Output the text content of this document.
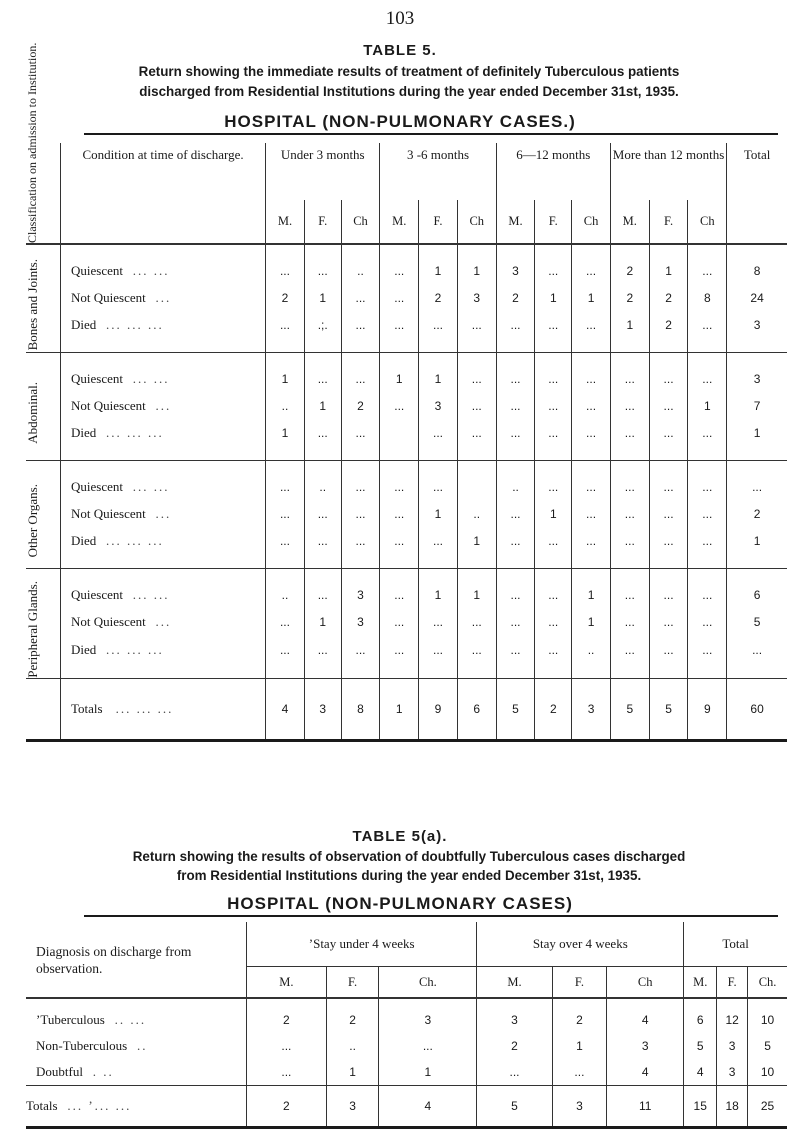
103
TABLE 5.
Return showing the immediate results of treatment of definitely Tuberculous patients
discharged from Residential Institutions during the year ended December 31st, 1935.
HOSPITAL (NON-PULMONARY CASES.)
Classification on admission to Institution.	Condition at time of discharge.	Under 3 months			3 -6 months			6—12 months			More than 12 months			Total
		M.	F.	Ch	M.	F.	Ch	M.	F.	Ch	M.	F.	Ch	

Bones and Joints.	Quiescent ... ...	...	...	..	...	1	1	3	...	...	2	1	...	8
	Not Quiescent ...	2	1	...	...	2	3	2	1	1	2	2	8	24
	Died ... ... ...	...	.;.	...	...	...	...	...	...	...	1	2	...	3

Abdominal.	Quiescent ... ...	1	...	...	1	1	...	...	...	...	...	...	...	3
	Not Quiescent ...	..	1	2	...	3	...	...	...	...	...	...	1	7
	Died ... ... ...	1	...	...		...	...	...	...	...	...	...	...	1

Other Organs.	Quiescent ... ...	...	..	...	...	...		..	...	...	...	...	...	...
	Not Quiescent ...	...	...	...	...	1	..	...	1	...	...	...	...	2
	Died ... ... ...	...	...	...	...	...	1	...	...	...	...	...	...	1

Peripheral Glands.	Quiescent ... ...	..	...	3	...	1	1	...	...	1	...	...	...	6
	Not Quiescent ...	...	1	3	...	...	...	...	...	1	...	...	...	5
	Died ... ... ...	...	...	...	...	...	...	...	...	..	...	...	...	...
	Totals ... ... ...	4	3	8	1	9	6	5	2	3	5	5	9	60
TABLE 5(a).
Return showing the results of observation of doubtfully Tuberculous cases discharged
from Residential Institutions during the year ended December 31st, 1935.
HOSPITAL (NON-PULMONARY CASES)
Diagnosis on discharge from observation.	’Stay under 4 weeks			Stay over 4 weeks			Total		
	M.	F.	Ch.	M.	F.	Ch	M.	F.	Ch.
’Tuberculous .. ...	2	2	3	3	2	4	6	12	10
Non-Tuberculous ..	...	..	...	2	1	3	5	3	5
Doubtful . ..	...	1	1	...	...	4	4	3	10
Totals ... ’... ...	2	3	4	5	3	11	15	18	25
